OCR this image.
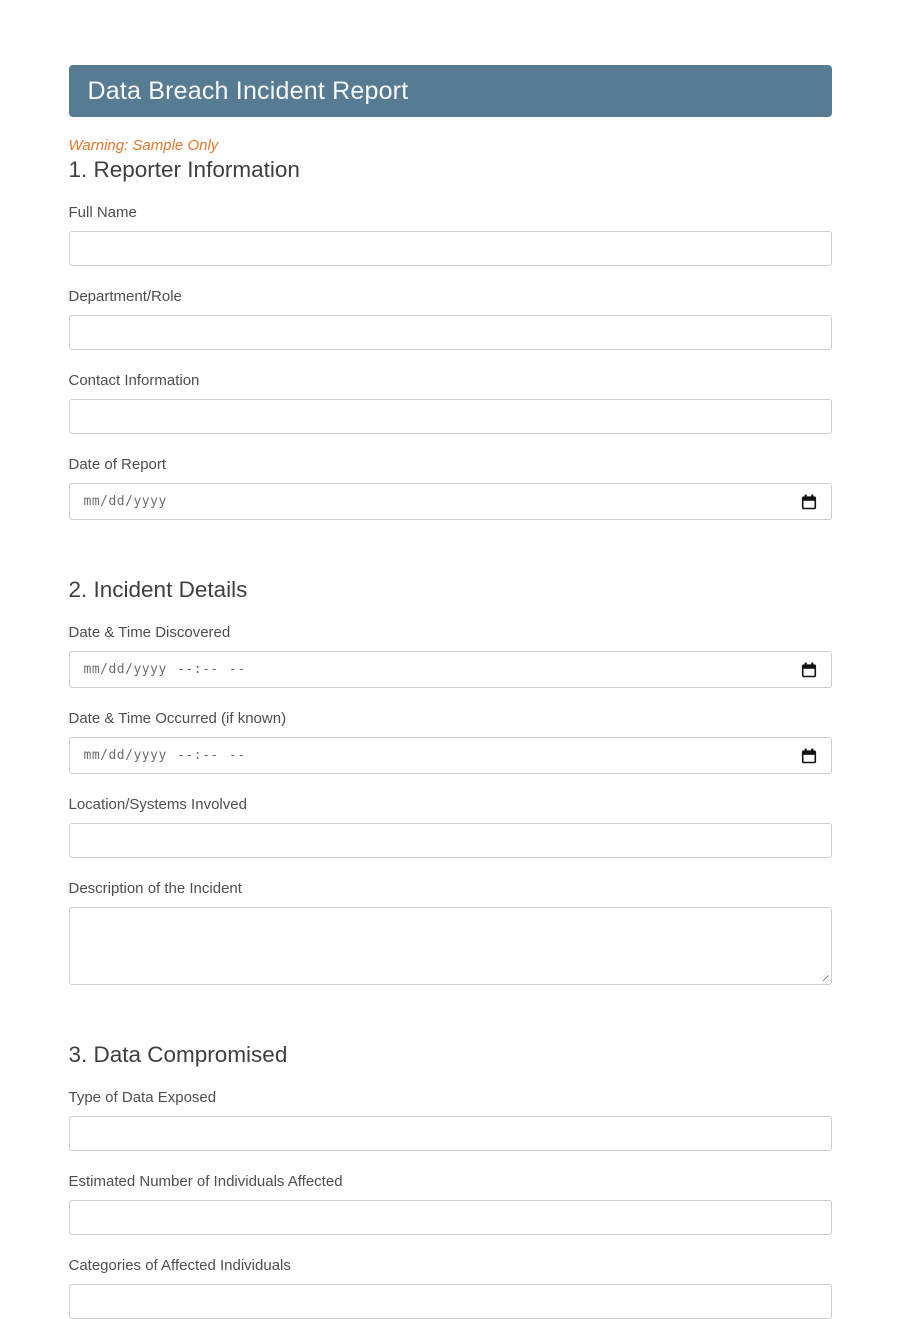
Data Breach Incident Report

Warning: Sample Only

1. Reporter Information
Full Name
Department/Role
Contact Information
Date of Report
mm/dd/yyyy
2. Incident Details
Date & Time Discovered
mm/dd/yyyy --:-- --
Date & Time Occurred (if known)
mm/dd/yyyy --:-- --
Location/Systems Involved
Description of the Incident
3. Data Compromised
Type of Data Exposed
Estimated Number of Individuals Affected
Categories of Affected Individuals
